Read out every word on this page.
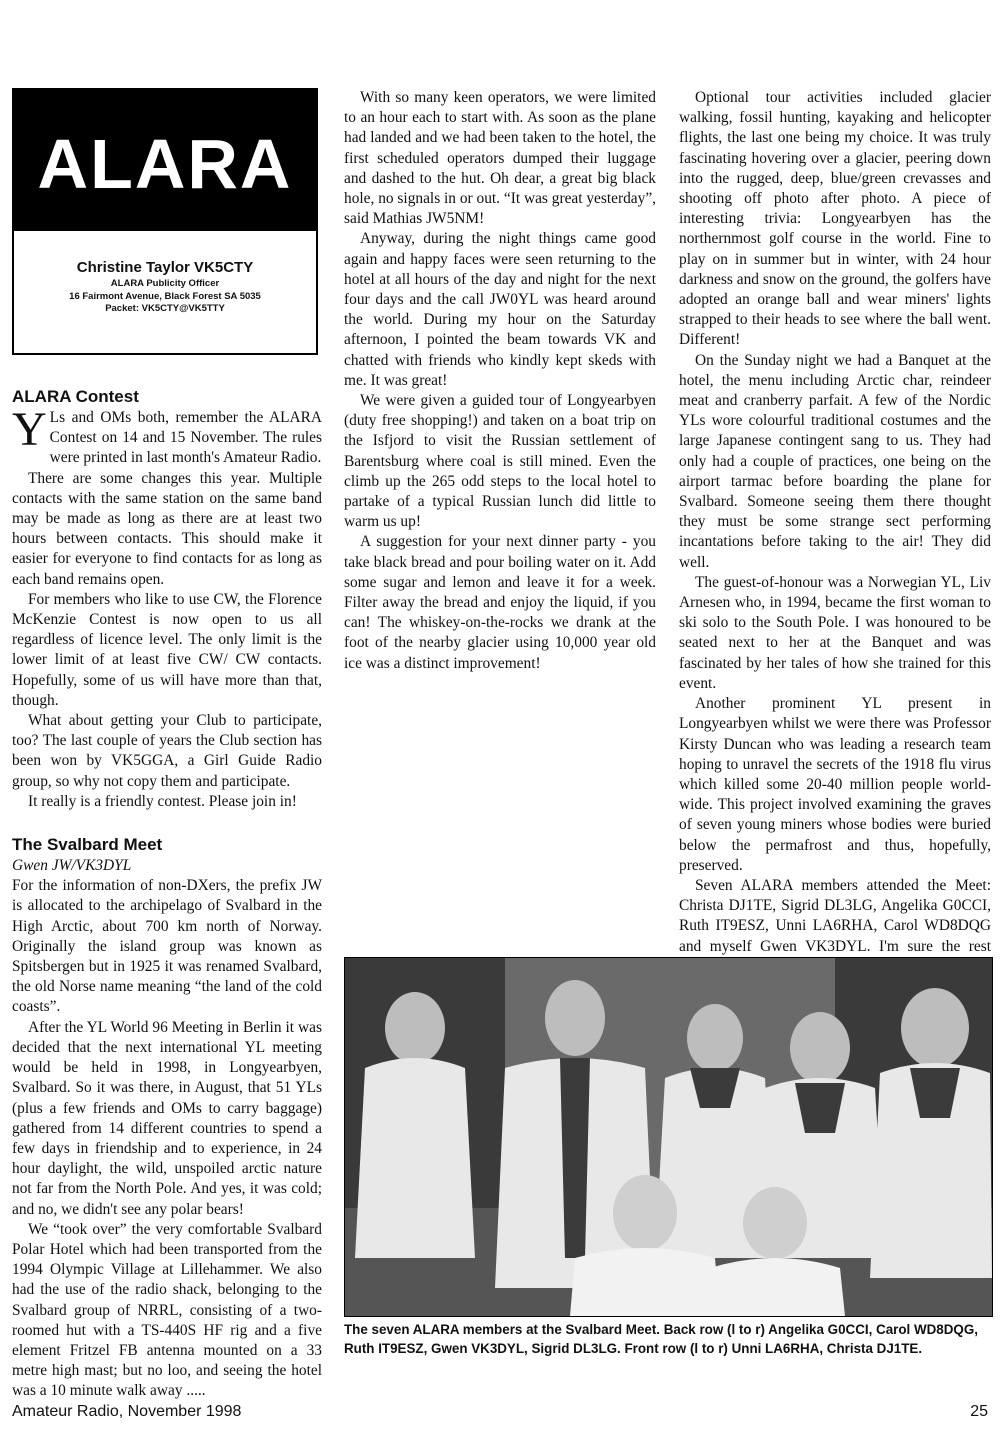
ALARA
Christine Taylor VK5CTY
ALARA Publicity Officer
16 Fairmont Avenue, Black Forest SA 5035
Packet: VK5CTY@VK5TTY
ALARA Contest

Y Ls and OMs both, remember the ALARA Contest on 14 and 15 November. The rules were printed in last month's Amateur Radio.

There are some changes this year. Multiple contacts with the same station on the same band may be made as long as there are at least two hours between contacts. This should make it easier for everyone to find contacts for as long as each band remains open.

For members who like to use CW, the Florence McKenzie Contest is now open to us all regardless of licence level. The only limit is the lower limit of at least five CW/ CW contacts. Hopefully, some of us will have more than that, though.

What about getting your Club to participate, too? The last couple of years the Club section has been won by VK5GGA, a Girl Guide Radio group, so why not copy them and participate.

It really is a friendly contest. Please join in!

The Svalbard Meet

Gwen JW/VK3DYL

For the information of non-DXers, the prefix JW is allocated to the archipelago of Svalbard in the High Arctic, about 700 km north of Norway. Originally the island group was known as Spitsbergen but in 1925 it was renamed Svalbard, the old Norse name meaning “the land of the cold coasts”.

After the YL World 96 Meeting in Berlin it was decided that the next international YL meeting would be held in 1998, in Longyearbyen, Svalbard. So it was there, in August, that 51 YLs (plus a few friends and OMs to carry baggage) gathered from 14 different countries to spend a few days in friendship and to experience, in 24 hour daylight, the wild, unspoiled arctic nature not far from the North Pole. And yes, it was cold; and no, we didn't see any polar bears!

We “took over” the very comfortable Svalbard Polar Hotel which had been transported from the 1994 Olympic Village at Lillehammer. We also had the use of the radio shack, belonging to the Svalbard group of NRRL, consisting of a two-roomed hut with a TS-440S HF rig and a five element Fritzel FB antenna mounted on a 33 metre high mast; but no loo, and seeing the hotel was a 10 minute walk away .....

With so many keen operators, we were limited to an hour each to start with. As soon as the plane had landed and we had been taken to the hotel, the first scheduled operators dumped their luggage and dashed to the hut. Oh dear, a great big black hole, no signals in or out. “It was great yesterday”, said Mathias JW5NM!

Anyway, during the night things came good again and happy faces were seen returning to the hotel at all hours of the day and night for the next four days and the call JW0YL was heard around the world. During my hour on the Saturday afternoon, I pointed the beam towards VK and chatted with friends who kindly kept skeds with me. It was great!

We were given a guided tour of Longyearbyen (duty free shopping!) and taken on a boat trip on the Isfjord to visit the Russian settlement of Barentsburg where coal is still mined. Even the climb up the 265 odd steps to the local hotel to partake of a typical Russian lunch did little to warm us up!

A suggestion for your next dinner party - you take black bread and pour boiling water on it. Add some sugar and lemon and leave it for a week. Filter away the bread and enjoy the liquid, if you can! The whiskey-on-the-rocks we drank at the foot of the nearby glacier using 10,000 year old ice was a distinct improvement!

Optional tour activities included glacier walking, fossil hunting, kayaking and helicopter flights, the last one being my choice. It was truly fascinating hovering over a glacier, peering down into the rugged, deep, blue/green crevasses and shooting off photo after photo. A piece of interesting trivia: Longyearbyen has the northernmost golf course in the world. Fine to play on in summer but in winter, with 24 hour darkness and snow on the ground, the golfers have adopted an orange ball and wear miners' lights strapped to their heads to see where the ball went. Different!

On the Sunday night we had a Banquet at the hotel, the menu including Arctic char, reindeer meat and cranberry parfait. A few of the Nordic YLs wore colourful traditional costumes and the large Japanese contingent sang to us. They had only had a couple of practices, one being on the airport tarmac before boarding the plane for Svalbard. Someone seeing them there thought they must be some strange sect performing incantations before taking to the air! They did well.

The guest-of-honour was a Norwegian YL, Liv Arnesen who, in 1994, became the first woman to ski solo to the South Pole. I was honoured to be seated next to her at the Banquet and was fascinated by her tales of how she trained for this event.

Another prominent YL present in Longyearbyen whilst we were there was Professor Kirsty Duncan who was leading a research team hoping to unravel the secrets of the 1918 flu virus which killed some 20-40 million people world-wide. This project involved examining the graves of seven young miners whose bodies were buried below the permafrost and thus, hopefully, preserved.

Seven ALARA members attended the Meet: Christa DJ1TE, Sigrid DL3LG, Angelika G0CCI, Ruth IT9ESZ, Unni LA6RHA, Carol WD8DQG and myself Gwen VK3DYL. I'm sure the rest

The seven ALARA members at the Svalbard Meet. Back row (l to r) Angelika G0CCI, Carol WD8DQG, Ruth IT9ESZ, Gwen VK3DYL, Sigrid DL3LG. Front row (l to r) Unni LA6RHA, Christa DJ1TE.
Amateur Radio, November 1998	25
